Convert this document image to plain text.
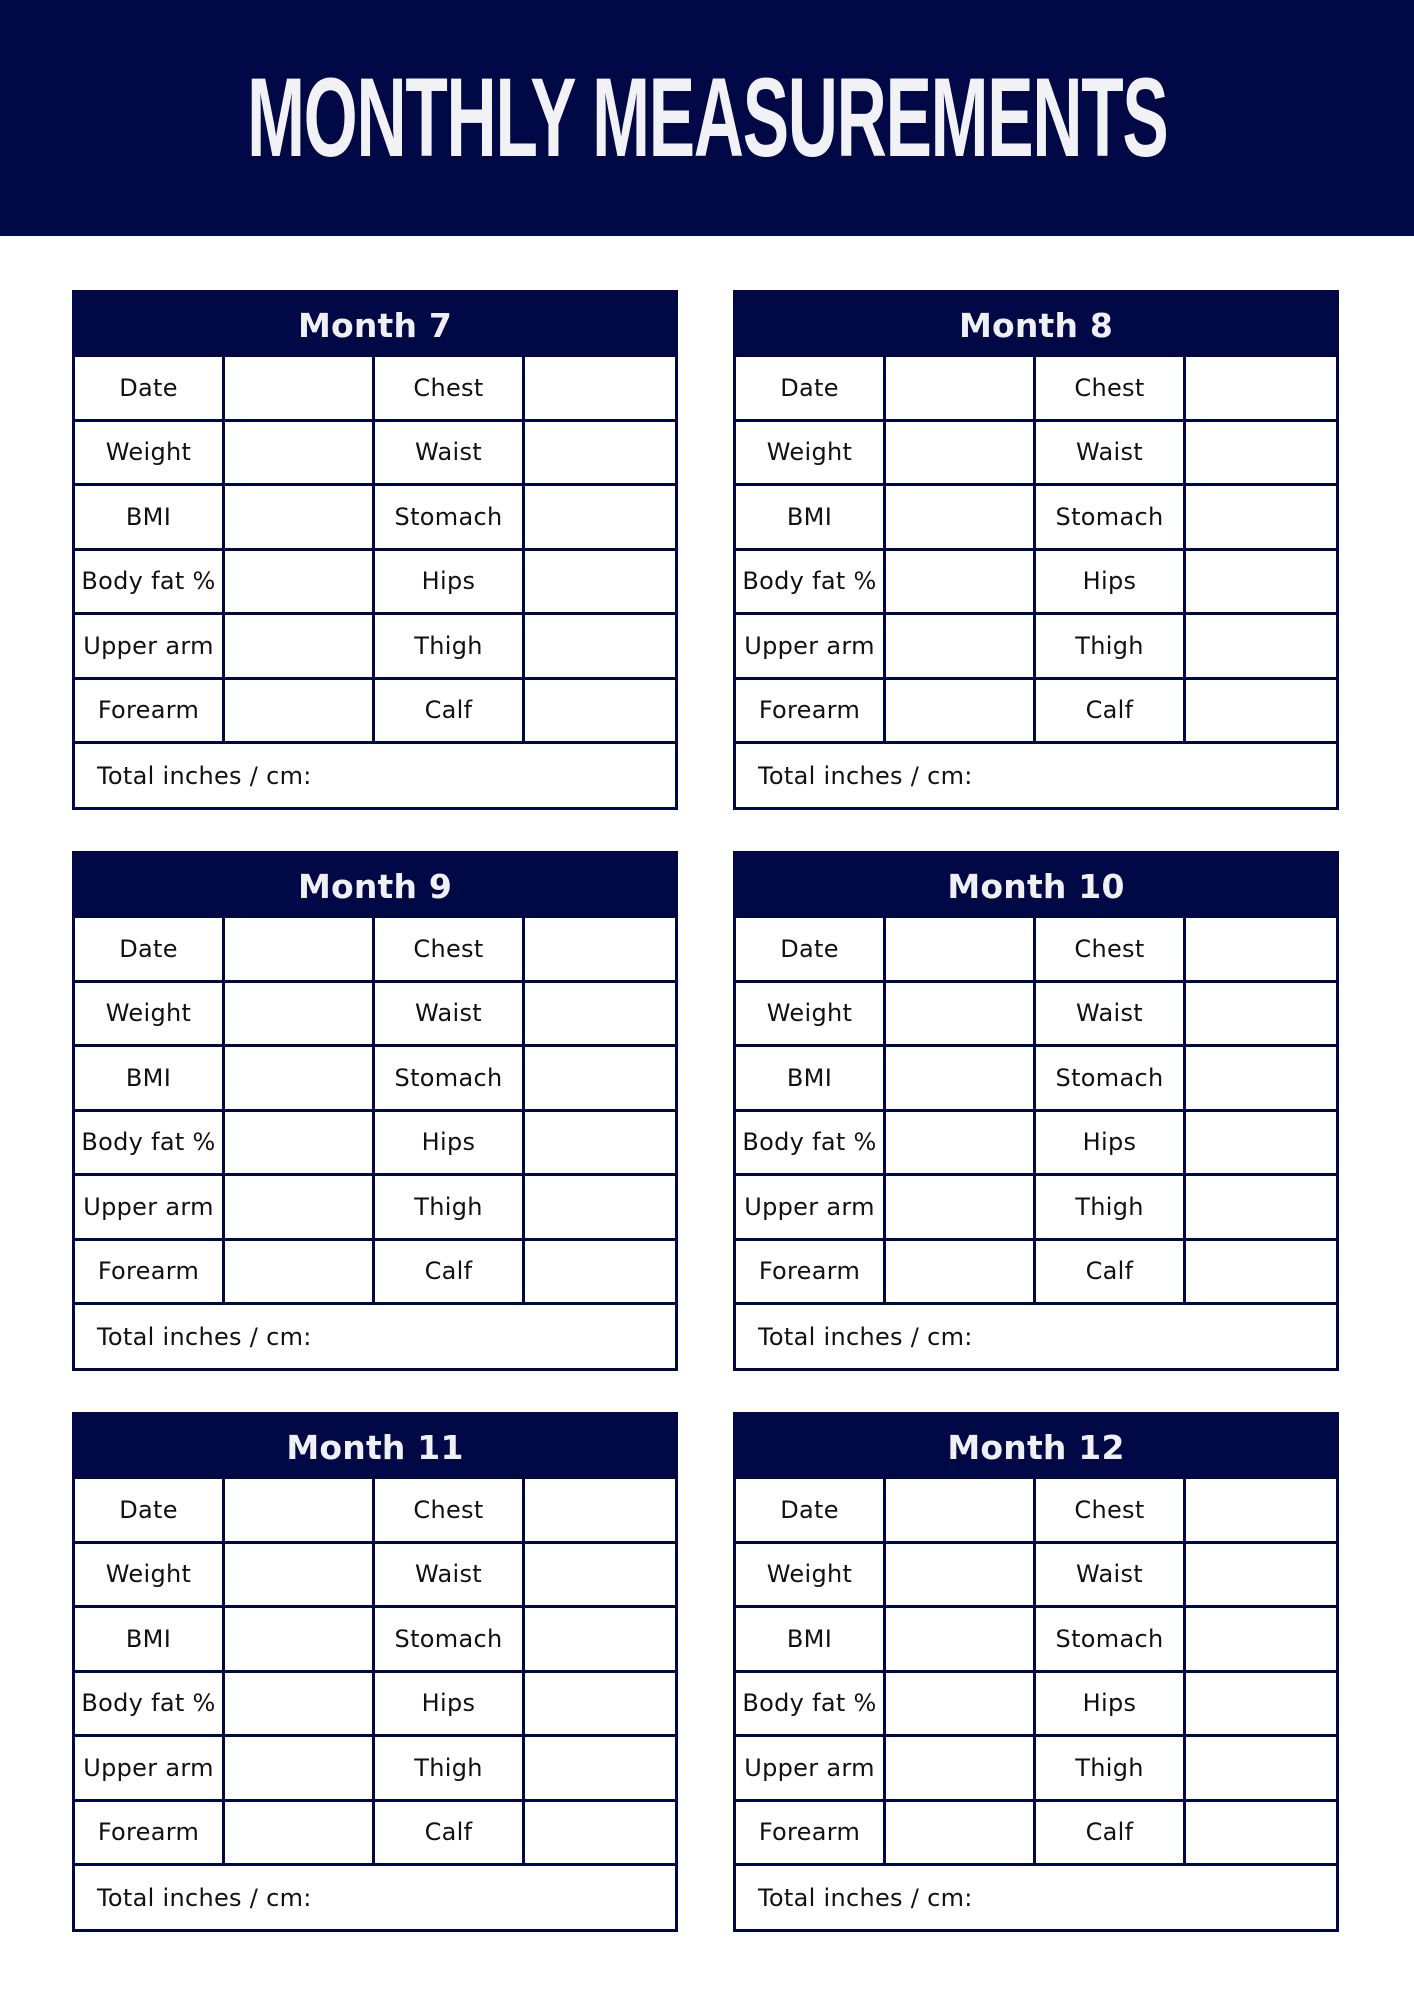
MONTHLY MEASUREMENTS
Month 7
Date	Chest
Weight	Waist
BMI	Stomach
Body fat %	Hips
Upper arm	Thigh
Forearm	Calf
Total inches / cm:
Month 8
Date	Chest
Weight	Waist
BMI	Stomach
Body fat %	Hips
Upper arm	Thigh
Forearm	Calf
Total inches / cm:
Month 9
Date	Chest
Weight	Waist
BMI	Stomach
Body fat %	Hips
Upper arm	Thigh
Forearm	Calf
Total inches / cm:
Month 10
Date	Chest
Weight	Waist
BMI	Stomach
Body fat %	Hips
Upper arm	Thigh
Forearm	Calf
Total inches / cm:
Month 11
Date	Chest
Weight	Waist
BMI	Stomach
Body fat %	Hips
Upper arm	Thigh
Forearm	Calf
Total inches / cm:
Month 12
Date	Chest
Weight	Waist
BMI	Stomach
Body fat %	Hips
Upper arm	Thigh
Forearm	Calf
Total inches / cm:
